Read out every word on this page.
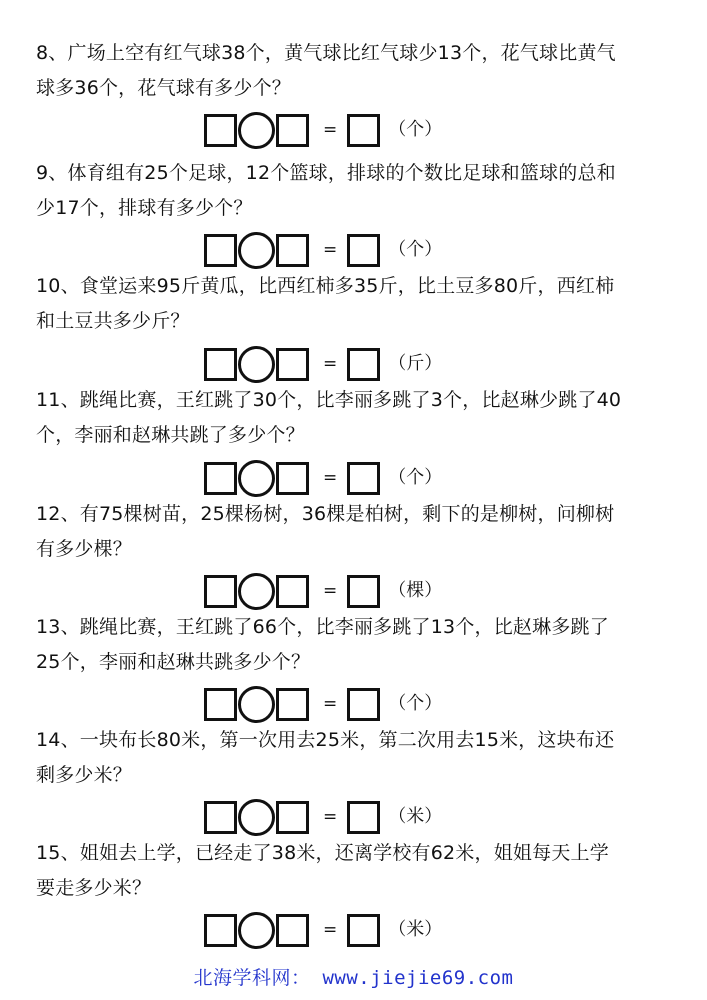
8、广场上空有红气球38个，黄气球比红气球少13个，花气球比黄气

球多36个，花气球有多少个？

=	（个）

9、体育组有25个足球，12个篮球，排球的个数比足球和篮球的总和

少17个，排球有多少个？

=	（个）

10、食堂运来95斤黄瓜，比西红柿多35斤，比土豆多80斤，西红柿

和土豆共多少斤？

=	（斤）

11、跳绳比赛，王红跳了30个，比李丽多跳了3个，比赵琳少跳了40

个，李丽和赵琳共跳了多少个？

=	（个）

12、有75棵树苗，25棵杨树，36棵是柏树，剩下的是柳树，问柳树

有多少棵？

=	（棵）

13、跳绳比赛，王红跳了66个，比李丽多跳了13个，比赵琳多跳了

25个，李丽和赵琳共跳多少个？

=	（个）

14、一块布长80米，第一次用去25米，第二次用去15米，这块布还

剩多少米？

=	（米）

15、姐姐去上学，已经走了38米，还离学校有62米，姐姐每天上学

要走多少米？

=	（米）
北海学科网： www.jiejie69.com
